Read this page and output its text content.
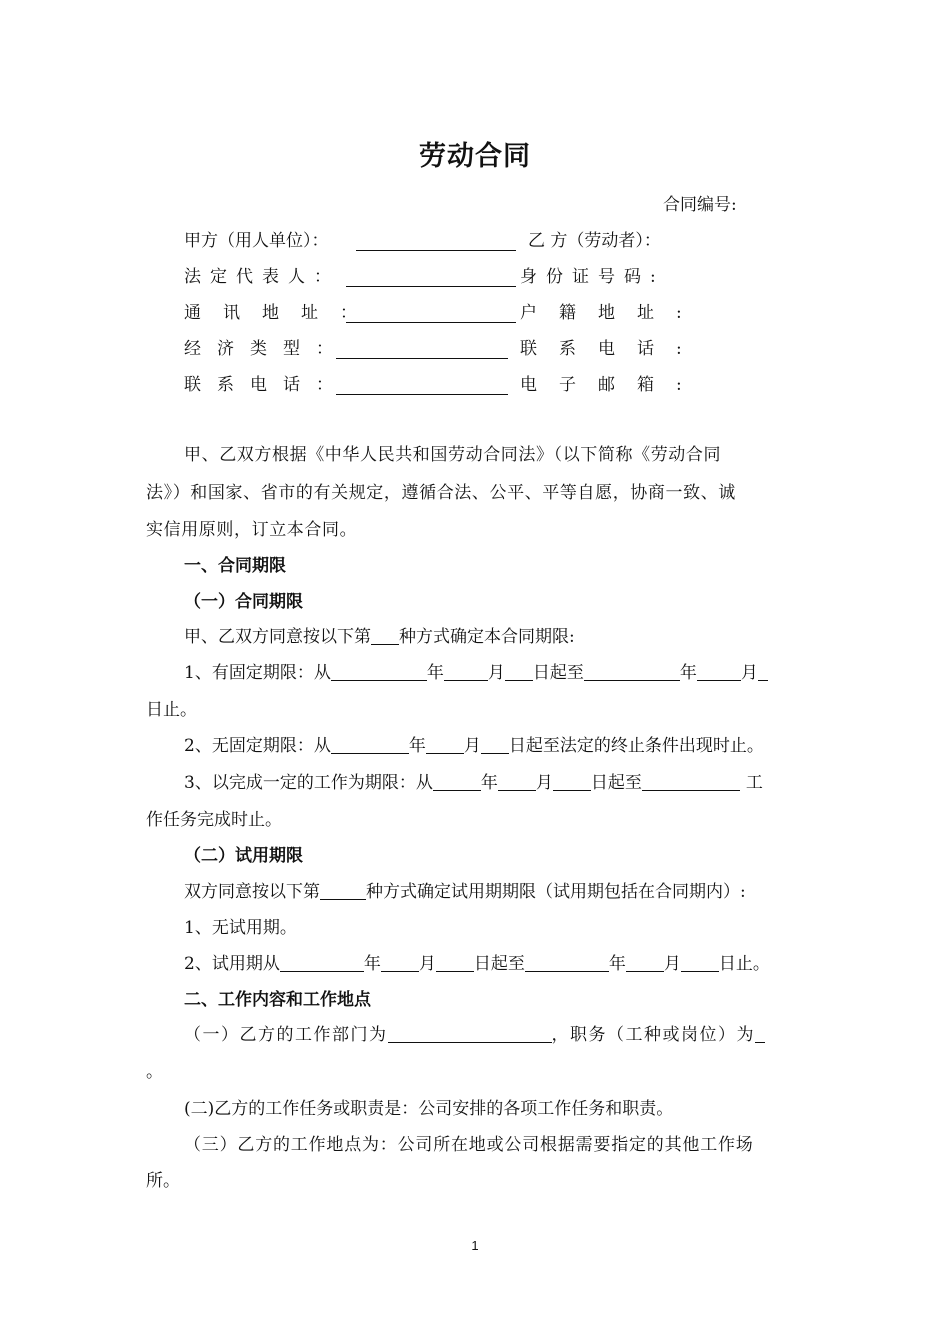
劳动合同
合同编号:
甲方（用人单位）：	乙 方（劳动者）：
法定代表人：	身份证号码:
通讯地址：	户籍地址:
经济类型：	联系电话:
联系电话：	电子邮箱:
甲、乙双方根据《中华人民共和国劳动合同法》（以下简称《劳动合同
法》）和国家、省市的有关规定，遵循合法、公平、平等自愿，协商一致、诚
实信用原则，订立本合同。
一、合同期限
（一）合同期限
甲、乙双方同意按以下第 种方式确定本合同期限:
1、有固定期限：从	年	月 日起至	年	月
日止。
2、无固定期限：从	年 月 日起至法定的终止条件出现时止。
3、以完成一定的工作为期限：从	年 月 日起至	工
作任务完成时止。
（二）试用期限
双方同意按以下第	种方式确定试用期期限（试用期包括在合同期内）:
1、无试用期。
2、试用期从	年 月 日起至	年 月 日止。
二、工作内容和工作地点
（一）乙方的工作部门为	，职务（工种或岗位）为
。
(二)乙方的工作任务或职责是：公司安排的各项工作任务和职责。
（三）乙方的工作地点为：公司所在地或公司根据需要指定的其他工作场
所。
1
